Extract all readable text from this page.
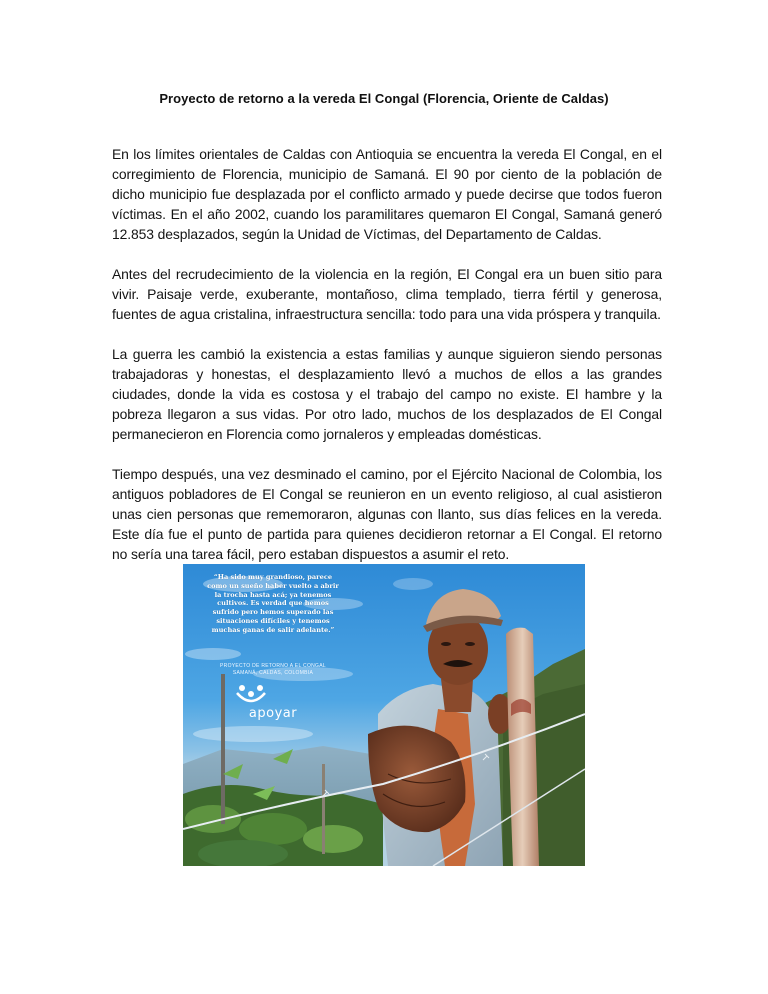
Proyecto de retorno a la vereda El Congal (Florencia, Oriente de Caldas)

En los límites orientales de Caldas con Antioquia se encuentra la vereda El Congal, en el corregimiento de Florencia, municipio de Samaná. El 90 por ciento de la población de dicho municipio fue desplazada por el conflicto armado y puede decirse que todos fueron víctimas. En el año 2002, cuando los paramilitares quemaron El Congal, Samaná generó 12.853 desplazados, según la Unidad de Víctimas, del Departamento de Caldas.

Antes del recrudecimiento de la violencia en la región, El Congal era un buen sitio para vivir. Paisaje verde, exuberante, montañoso, clima templado, tierra fértil y generosa, fuentes de agua cristalina, infraestructura sencilla: todo para una vida próspera y tranquila.

La guerra les cambió la existencia a estas familias y aunque siguieron siendo personas trabajadoras y honestas, el desplazamiento llevó a muchos de ellos a las grandes ciudades, donde la vida es costosa y el trabajo del campo no existe. El hambre y la pobreza llegaron a sus vidas. Por otro lado, muchos de los desplazados de El Congal permanecieron en Florencia como jornaleros y empleadas domésticas.

Tiempo después, una vez desminado el camino, por el Ejército Nacional de Colombia, los antiguos pobladores de El Congal se reunieron en un evento religioso, al cual asistieron unas cien personas que rememoraron, algunas con llanto, sus días felices en la vereda. Este día fue el punto de partida para quienes decidieron retornar a El Congal. El retorno no sería una tarea fácil, pero estaban dispuestos a asumir el reto.

“Ha sido muy grandioso, parece como un sueño haber vuelto a abrir la trocha hasta acá; ya tenemos cultivos. Es verdad que hemos sufrido pero hemos superado las situaciones difíciles y tenemos muchas ganas de salir adelante.”
PROYECTO DE RETORNO A EL CONGAL
SAMANÁ, CALDAS, COLOMBIA
apoyar
